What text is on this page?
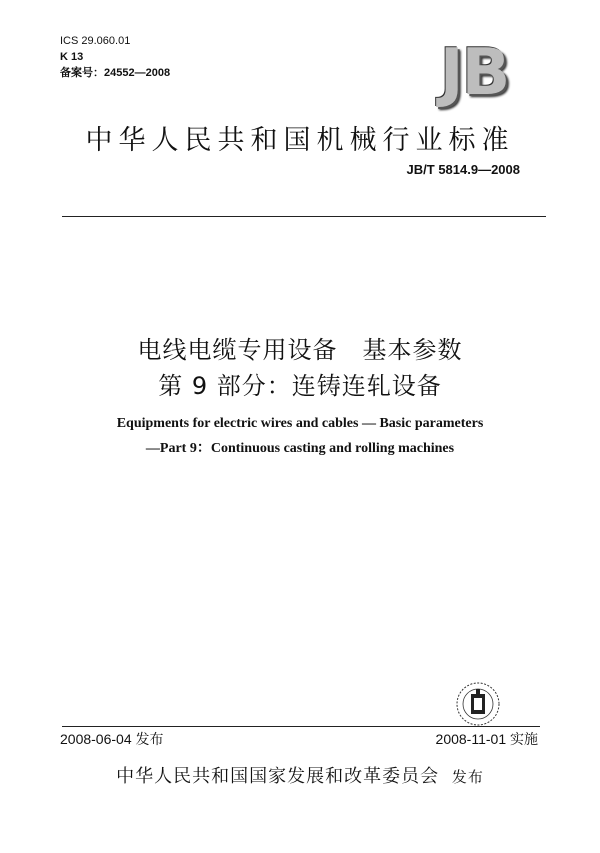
ICS 29.060.01
K 13
备案号：24552—2008	JB
中华人民共和国机械行业标准
JB/T 5814.9—2008
电线电缆专用设备　基本参数
第 9 部分：连铸连轧设备
Equipments for electric wires and cables — Basic parameters
—Part 9：Continuous casting and rolling machines
2008-06-04 发布	2008-11-01 实施
中华人民共和国国家发展和改革委员会 发布
